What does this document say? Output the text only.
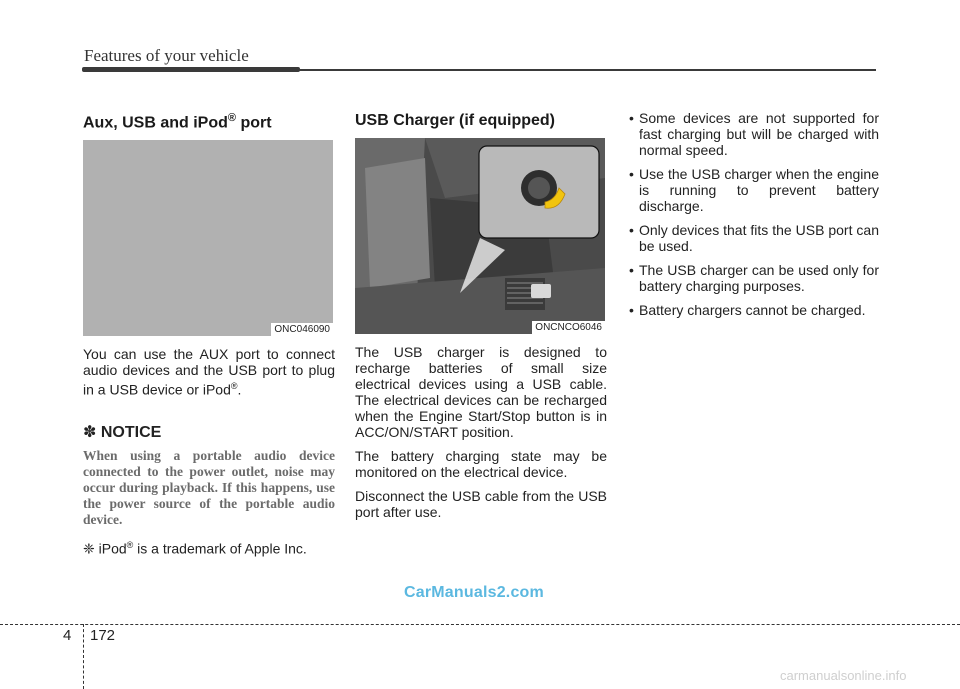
Features of your vehicle
Aux, USB and iPod® port
ONC046090

You can use the AUX port to connect audio devices and the USB port to plug in a USB device or iPod®.

✽ NOTICE

When using a portable audio device connected to the power outlet, noise may occur during playback. If this happens, use the power source of the portable audio device.

❈ iPod® is a trademark of Apple Inc.
USB Charger (if equipped)
ONCNCO6046

The USB charger is designed to recharge batteries of small size electrical devices using a USB cable. The electrical devices can be recharged when the Engine Start/Stop button is in ACC/ON/START position.

The battery charging state may be monitored on the electrical device.

Disconnect the USB cable from the USB port after use.

• Some devices are not supported for fast charging but will be charged with normal speed.
• Use the USB charger when the engine is running to prevent battery discharge.
• Only devices that fits the USB port can be used.
• The USB charger can be used only for battery charging purposes.
• Battery chargers cannot be charged.
CarManuals2.com
4 172
carmanualsonline.info
